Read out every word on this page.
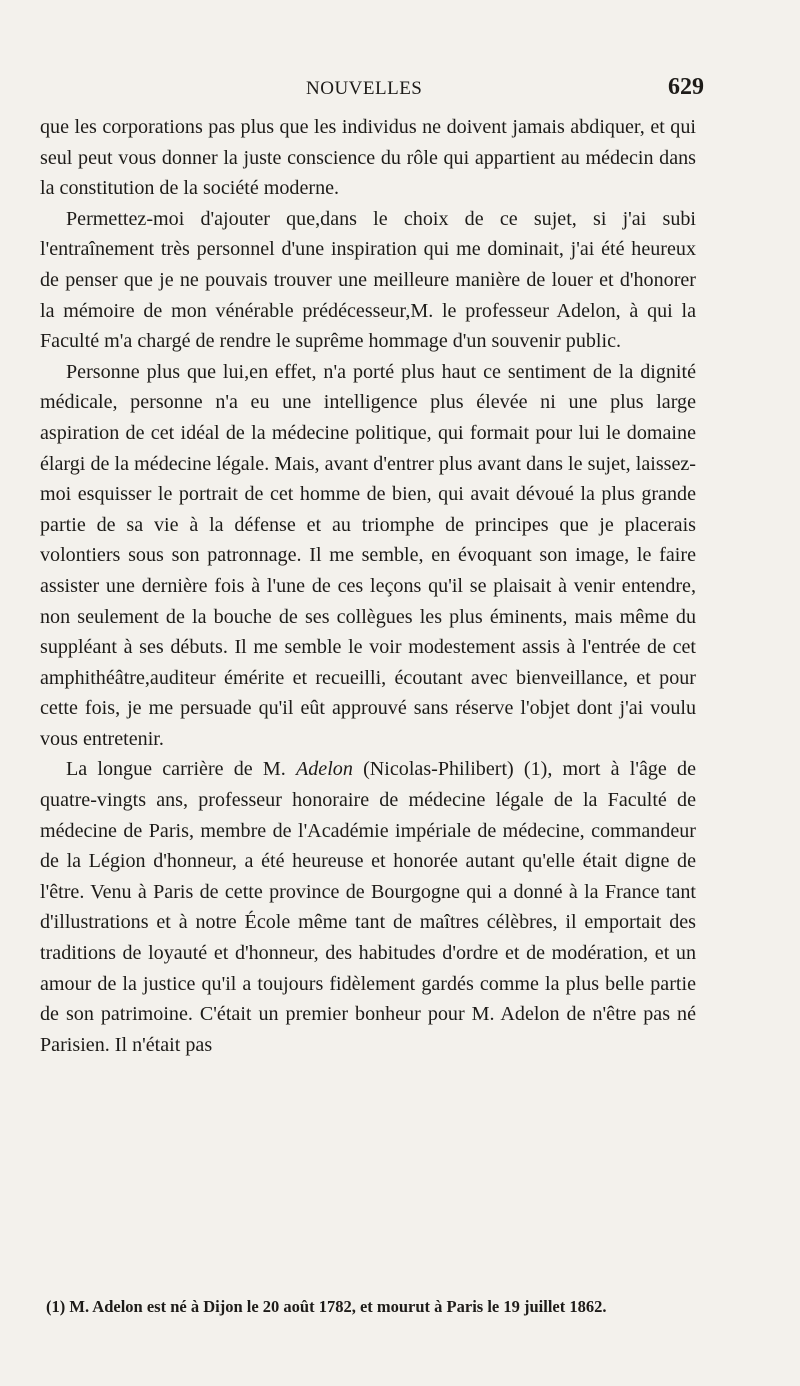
NOUVELLES	629

que les corporations pas plus que les individus ne doivent jamais abdiquer, et qui seul peut vous donner la juste conscience du rôle qui appartient au médecin dans la constitution de la société moderne.

Permettez-moi d'ajouter que,dans le choix de ce sujet, si j'ai subi l'entraînement très personnel d'une inspiration qui me dominait, j'ai été heureux de penser que je ne pouvais trouver une meilleure manière de louer et d'honorer la mémoire de mon vénérable prédécesseur,M. le professeur Adelon, à qui la Faculté m'a chargé de rendre le suprême hommage d'un souvenir public.

Personne plus que lui,en effet, n'a porté plus haut ce sentiment de la dignité médicale, personne n'a eu une intelligence plus élevée ni une plus large aspiration de cet idéal de la médecine politique, qui formait pour lui le domaine élargi de la médecine légale. Mais, avant d'entrer plus avant dans le sujet, laissez-moi esquisser le portrait de cet homme de bien, qui avait dévoué la plus grande partie de sa vie à la défense et au triomphe de principes que je placerais volontiers sous son patronnage. Il me semble, en évoquant son image, le faire assister une dernière fois à l'une de ces leçons qu'il se plaisait à venir entendre, non seulement de la bouche de ses collègues les plus éminents, mais même du suppléant à ses débuts. Il me semble le voir modestement assis à l'entrée de cet amphithéâtre,auditeur émérite et recueilli, écoutant avec bienveillance, et pour cette fois, je me persuade qu'il eût approuvé sans réserve l'objet dont j'ai voulu vous entretenir.

La longue carrière de M. Adelon (Nicolas-Philibert) (1), mort à l'âge de quatre-vingts ans, professeur honoraire de médecine légale de la Faculté de médecine de Paris, membre de l'Académie impériale de médecine, commandeur de la Légion d'honneur, a été heureuse et honorée autant qu'elle était digne de l'être. Venu à Paris de cette province de Bourgogne qui a donné à la France tant d'illustrations et à notre École même tant de maîtres célèbres, il emportait des traditions de loyauté et d'honneur, des habitudes d'ordre et de modération, et un amour de la justice qu'il a toujours fidèlement gardés comme la plus belle partie de son patrimoine. C'était un premier bonheur pour M. Adelon de n'être pas né Parisien. Il n'était pas

(1) M. Adelon est né à Dijon le 20 août 1782, et mourut à Paris le 19 juillet 1862.
